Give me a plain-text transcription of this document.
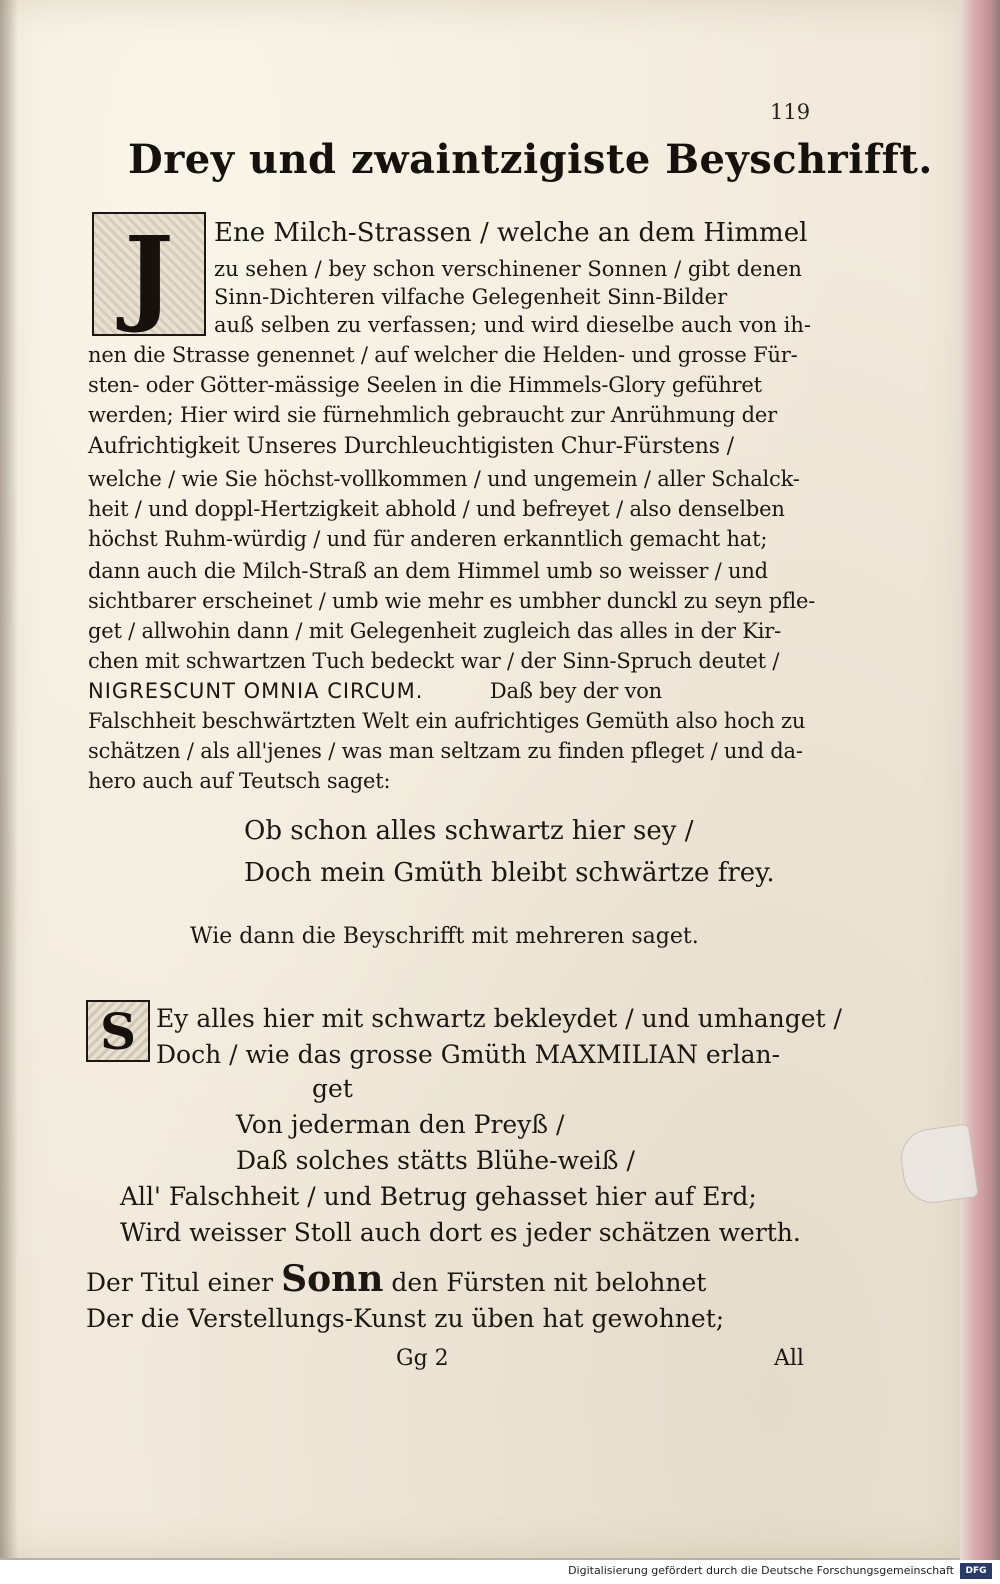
119
Drey und zwaintzigiste Beyschrifft.
J	Ene Milch-Strassen / welche an dem Himmel
zu sehen / bey schon verschinener Sonnen / gibt denen
Sinn-Dichteren vilfache Gelegenheit Sinn-Bilder
auß selben zu verfassen; und wird dieselbe auch von ih-
nen die Strasse genennet / auf welcher die Helden- und grosse Für-
sten- oder Götter-mässige Seelen in die Himmels-Glory geführet
werden; Hier wird sie fürnehmlich gebraucht zur Anrühmung der
Aufrichtigkeit Unseres Durchleuchtigisten Chur-Fürstens /
welche / wie Sie höchst-vollkommen / und ungemein / aller Schalck-
heit / und doppl-Hertzigkeit abhold / und befreyet / also denselben
höchst Ruhm-würdig / und für anderen erkanntlich gemacht hat;
dann auch die Milch-Straß an dem Himmel umb so weisser / und
sichtbarer erscheinet / umb wie mehr es umbher dunckl zu seyn pfle-
get / allwohin dann / mit Gelegenheit zugleich das alles in der Kir-
chen mit schwartzen Tuch bedeckt war / der Sinn-Spruch deutet /
NIGRESCUNT OMNIA CIRCUM.	Daß bey der von
Falschheit beschwärtzten Welt ein aufrichtiges Gemüth also hoch zu
schätzen / als all'jenes / was man seltzam zu finden pfleget / und da-
hero auch auf Teutsch saget:
Ob schon alles schwartz hier sey /
Doch mein Gmüth bleibt schwärtze frey.
Wie dann die Beyschrifft mit mehreren saget.
S Ey alles hier mit schwartz bekleydet / und umhanget /
Doch / wie das grosse Gmüth MAXMILIAN erlan-
get
Von jederman den Preyß /
Daß solches stätts Blühe-weiß /
All' Falschheit / und Betrug gehasset hier auf Erd;
Wird weisser Stoll auch dort es jeder schätzen werth.
Der Titul einer Sonn den Fürsten nit belohnet
Der die Verstellungs-Kunst zu üben hat gewohnet;
Gg 2	All
Digitalisierung gefördert durch die Deutsche Forschungsgemeinschaft	DFG
